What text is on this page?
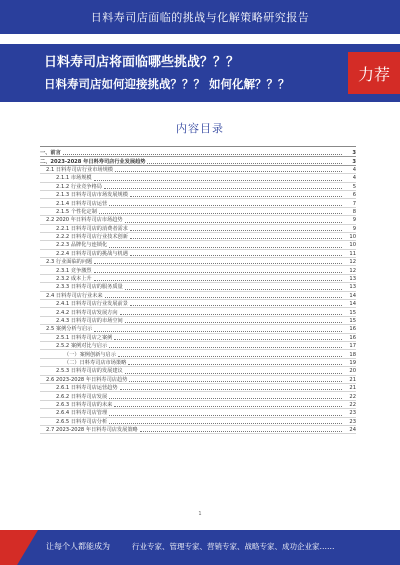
日料寿司店面临的挑战与化解策略研究报告
日料寿司店将面临哪些挑战？？？
日料寿司店如何迎接挑战？？？ 如何化解？？？
力荐
内容目录
一、前言	3
二、2023-2028 年日料寿司店行业发展趋势	3
2.1 日料寿司店行业市场规模	4
2.1.1 市场规模	4
2.1.2 行业竞争格局	5
2.1.3 日料寿司店市场发展规模	6
2.1.4 日料寿司店运营	7
2.1.5 个性化定制	8
2.2 2020 年日料寿司店市场趋势	9
2.2.1 日料寿司店的消费者需求	9
2.2.2 日料寿司店行业技术创新	10
2.2.3 品牌化与连锁化	10
2.2.4 日料寿司店的挑战与机遇	11
2.3 行业面临的问题	12
2.3.1 竞争激烈	12
2.3.2 成本上升	13
2.3.3 日料寿司店的服务质量	13
2.4 日料寿司店行业未来	14
2.4.1 日料寿司店行业发展前景	14
2.4.2 日料寿司店发展方向	15
2.4.3 日料寿司店的市场空间	15
2.5 案例分析与启示	16
2.5.1 日料寿司店之案例	16
2.5.2 案例对比与启示	17
（一）案例创新与启示	18
（二）日料寿司店市场策略	19
2.5.3 日料寿司店的发展建议	20
2.6 2023-2028 年日料寿司店趋势	21
2.6.1 日料寿司店运营趋势	21
2.6.2 日料寿司店发展	22
2.6.3 日料寿司店的未来	22
2.6.4 日料寿司店管理	23
2.6.5 日料寿司店分析	23
2.7 2023-2028 年日料寿司店发展策略	24
1
让每个人都能成为	行业专家、管理专家、营销专家、战略专家、成功企业家……
